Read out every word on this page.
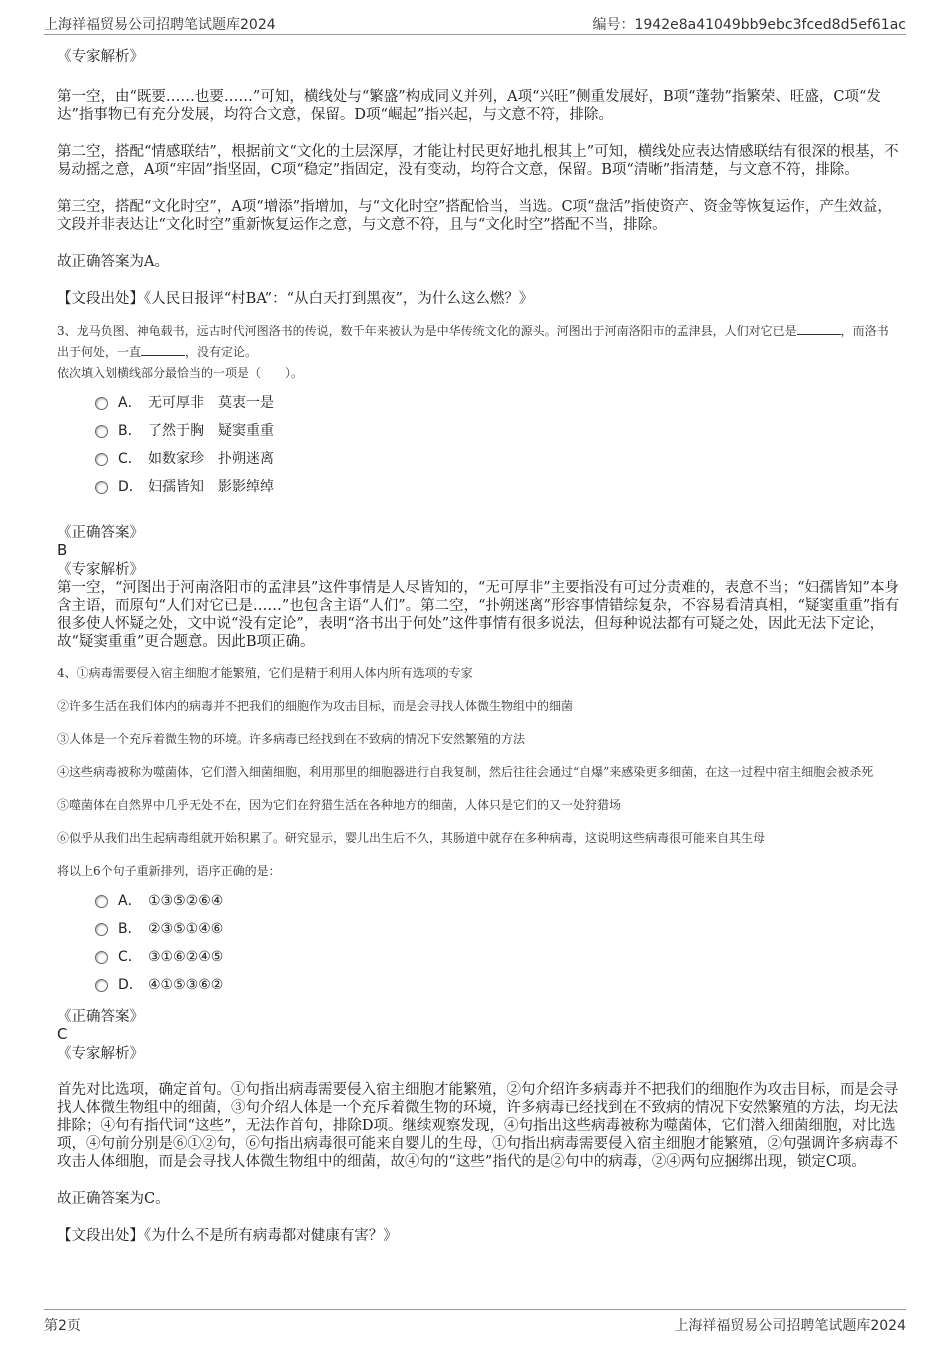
上海祥福贸易公司招聘笔试题库2024	编号：1942e8a41049bb9ebc3fced8d5ef61ac

《专家解析》

第一空，由“既要……也要……”可知，横线处与“繁盛”构成同义并列，A项“兴旺”侧重发展好，B项“蓬勃”指繁荣、旺盛，C项“发达”指事物已有充分发展，均符合文意，保留。D项“崛起”指兴起，与文意不符，排除。

第二空，搭配“情感联结”，根据前文“文化的土层深厚，才能让村民更好地扎根其上”可知，横线处应表达情感联结有很深的根基，不易动摇之意，A项“牢固”指坚固，C项“稳定”指固定，没有变动，均符合文意，保留。B项“清晰”指清楚，与文意不符，排除。

第三空，搭配“文化时空”，A项“增添”指增加，与“文化时空”搭配恰当，当选。C项“盘活”指使资产、资金等恢复运作，产生效益，文段并非表达让“文化时空”重新恢复运作之意，与文意不符，且与“文化时空”搭配不当，排除。

故正确答案为A。

【文段出处】《人民日报评“村BA”：“从白天打到黑夜”，为什么这么燃？》

3、龙马负图、神龟载书，远古时代河图洛书的传说，数千年来被认为是中华传统文化的源头。河图出于河南洛阳市的孟津县，人们对它已是	，而洛书出于何处，一直	，没有定论。

依次填入划横线部分最恰当的一项是（　　）。

A． 无可厚非　莫衷一是
B． 了然于胸　疑窦重重
C． 如数家珍　扑朔迷离
D． 妇孺皆知　影影绰绰

《正确答案》

B

《专家解析》

第一空，“河图出于河南洛阳市的孟津县”这件事情是人尽皆知的，“无可厚非”主要指没有可过分责难的，表意不当；“妇孺皆知”本身含主语，而原句“人们对它已是……”也包含主语“人们”。第二空，“扑朔迷离”形容事情错综复杂，不容易看清真相，“疑窦重重”指有很多使人怀疑之处，文中说“没有定论”，表明“洛书出于何处”这件事情有很多说法，但每种说法都有可疑之处，因此无法下定论，故“疑窦重重”更合题意。因此B项正确。

4、①病毒需要侵入宿主细胞才能繁殖，它们是精于利用人体内所有选项的专家

②许多生活在我们体内的病毒并不把我们的细胞作为攻击目标，而是会寻找人体微生物组中的细菌

③人体是一个充斥着微生物的环境。许多病毒已经找到在不致病的情况下安然繁殖的方法

④这些病毒被称为噬菌体，它们潜入细菌细胞，利用那里的细胞器进行自我复制，然后往往会通过“自爆”来感染更多细菌，在这一过程中宿主细胞会被杀死

⑤噬菌体在自然界中几乎无处不在，因为它们在狩猎生活在各种地方的细菌，人体只是它们的又一处狩猎场

⑥似乎从我们出生起病毒组就开始积累了。研究显示，婴儿出生后不久，其肠道中就存在多种病毒，这说明这些病毒很可能来自其生母

将以上6个句子重新排列，语序正确的是：

A． ①③⑤②⑥④
B． ②③⑤①④⑥
C． ③①⑥②④⑤
D． ④①⑤③⑥②

《正确答案》

C

《专家解析》

首先对比选项，确定首句。①句指出病毒需要侵入宿主细胞才能繁殖，②句介绍许多病毒并不把我们的细胞作为攻击目标，而是会寻找人体微生物组中的细菌，③句介绍人体是一个充斥着微生物的环境，许多病毒已经找到在不致病的情况下安然繁殖的方法，均无法排除；④句有指代词“这些”，无法作首句，排除D项。继续观察发现，④句指出这些病毒被称为噬菌体，它们潜入细菌细胞，对比选项，④句前分别是⑥①②句，⑥句指出病毒很可能来自婴儿的生母，①句指出病毒需要侵入宿主细胞才能繁殖，②句强调许多病毒不攻击人体细胞，而是会寻找人体微生物组中的细菌，故④句的“这些”指代的是②句中的病毒，②④两句应捆绑出现，锁定C项。

故正确答案为C。

【文段出处】《为什么不是所有病毒都对健康有害？》

第2页	上海祥福贸易公司招聘笔试题库2024
